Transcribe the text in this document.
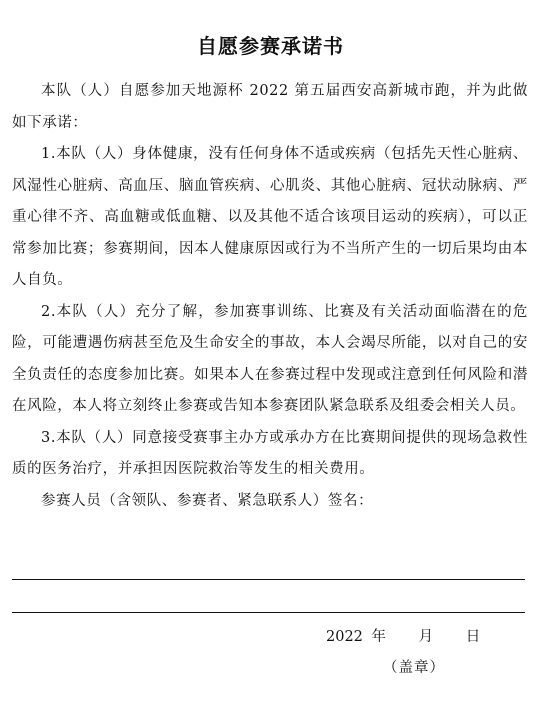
自愿参赛承诺书

本队（人）自愿参加天地源杯 2022 第五届西安高新城市跑，并为此做如下承诺：

1.本队（人）身体健康，没有任何身体不适或疾病（包括先天性心脏病、风湿性心脏病、高血压、脑血管疾病、心肌炎、其他心脏病、冠状动脉病、严重心律不齐、高血糖或低血糖、以及其他不适合该项目运动的疾病），可以正常参加比赛；参赛期间，因本人健康原因或行为不当所产生的一切后果均由本人自负。

2.本队（人）充分了解，参加赛事训练、比赛及有关活动面临潜在的危险，可能遭遇伤病甚至危及生命安全的事故，本人会竭尽所能，以对自己的安全负责任的态度参加比赛。如果本人在参赛过程中发现或注意到任何风险和潜在风险，本人将立刻终止参赛或告知本参赛团队紧急联系及组委会相关人员。

3.本队（人）同意接受赛事主办方或承办方在比赛期间提供的现场急救性质的医务治疗，并承担因医院救治等发生的相关费用。

参赛人员（含领队、参赛者、紧急联系人）签名：

2022 年 月 日
（盖章）
